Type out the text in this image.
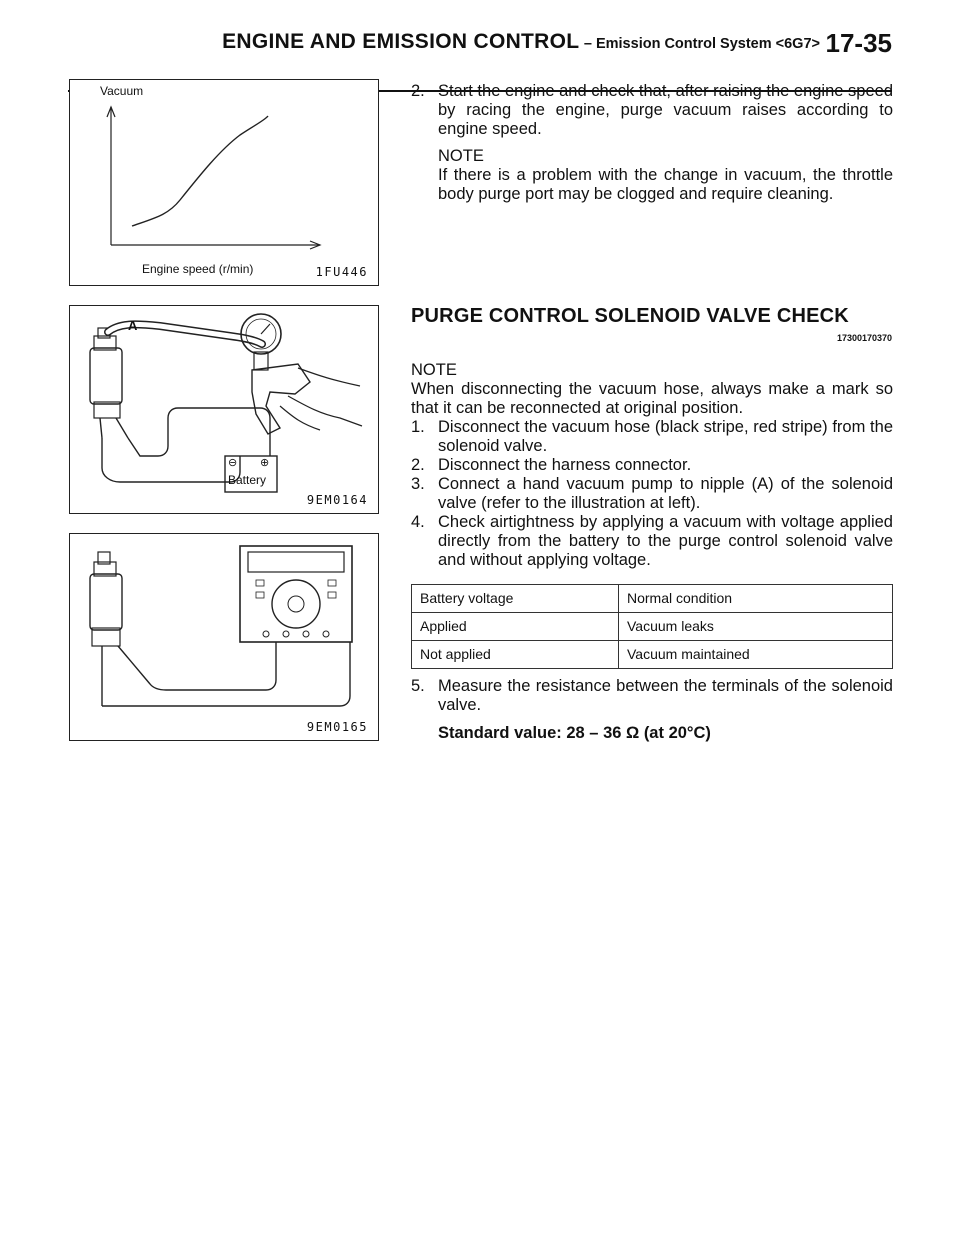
ENGINE AND EMISSION CONTROL – Emission Control System <6G7> 17-35
Vacuum
Engine speed (r/min)	1FU446
A
⊖ ⊕
Battery
9EM0164
9EM0165

2. Start the engine and check that, after raising the engine speed by racing the engine, purge vacuum raises according to engine speed.

NOTE

If there is a problem with the change in vacuum, the throttle body purge port may be clogged and require cleaning.

PURGE CONTROL SOLENOID VALVE CHECK
17300170370

NOTE

When disconnecting the vacuum hose, always make a mark so that it can be reconnected at original position.

1. Disconnect the vacuum hose (black stripe, red stripe) from the solenoid valve.

2. Disconnect the harness connector.

3. Connect a hand vacuum pump to nipple (A) of the solenoid valve (refer to the illustration at left).

4. Check airtightness by applying a vacuum with voltage applied directly from the battery to the purge control solenoid valve and without applying voltage.

Battery voltage	Normal condition
Applied	Vacuum leaks
Not applied	Vacuum maintained

5. Measure the resistance between the terminals of the solenoid valve.

Standard value: 28 – 36 Ω (at 20°C)
